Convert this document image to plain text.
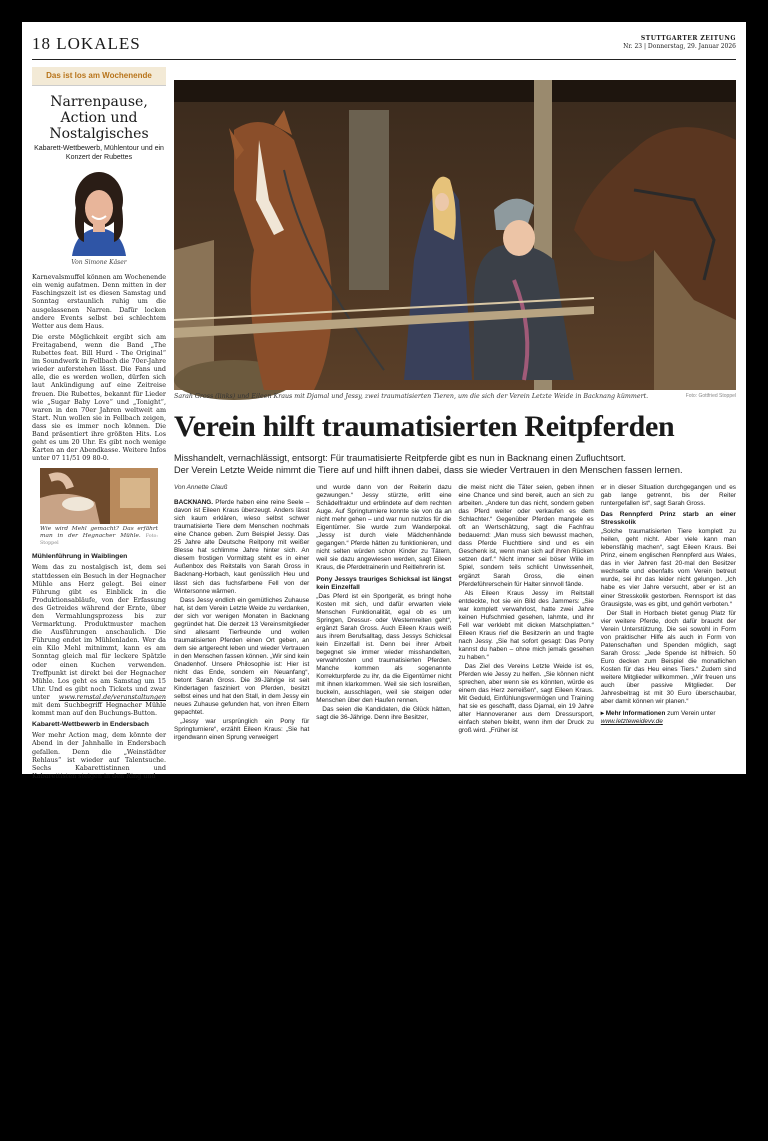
18 LOKALES	STUTTGARTER ZEITUNG
Nr. 23 | Donnerstag, 29. Januar 2026
Das ist los am Wochenende
Narrenpause, Action und Nostalgisches
Kabarett-Wettbewerb, Mühlentour und ein Konzert der Rubettes
Von Simone Käser

Karnevalsmuffel können am Wochenende ein wenig aufatmen. Denn mitten in der Faschingszeit ist es diesen Samstag und Sonntag erstaunlich ruhig um die ausgelassenen Narren. Dafür locken andere Events selbst bei schlechtem Wetter aus dem Haus.

Die erste Möglichkeit ergibt sich am Freitagabend, wenn die Band „The Rubettes feat. Bill Hurd - The Original“ im Soundwerk in Fellbach die 70er-Jahre wieder auferstehen lässt. Die Fans und alle, die es werden wollen, dürfen sich laut Ankündigung auf eine Zeitreise freuen. Die Rubettes, bekannt für Lieder wie „Sugar Baby Love“ und „Tonight“, waren in den 70er Jahren weltweit am Start. Nun wollen sie in Fellbach zeigen, dass sie es immer noch können. Die Band präsentiert ihre größten Hits. Los geht es um 20 Uhr. Es gibt noch wenige Karten an der Abendkasse. Weitere Infos unter 07 11/51 09 80-0.

Wie wird Mehl gemacht? Das erfährt man in der Hegnacher Mühle. Foto: Stoppel
Mühlenführung in Waiblingen

Wem das zu nostalgisch ist, dem sei stattdessen ein Besuch in der Hegnacher Mühle ans Herz gelegt. Bei einer Führung gibt es Einblick in die Produktionsabläufe, von der Erfassung des Getreides während der Ernte, über den Vermahlungsprozess bis zur Vermarktung. Produktmuster machen die Ausführungen anschaulich. Die Führung endet im Mühlenladen. Wer da ein Kilo Mehl mitnimmt, kann es am Sonntag gleich mal für leckere Spätzle oder einen Kuchen verwenden. Treffpunkt ist direkt bei der Hegnacher Mühle. Los geht es am Samstag um 15 Uhr. Und es gibt noch Tickets und zwar unter www.remstal.de/veranstaltungen mit dem Suchbegriff Hegnacher Mühle kommt man auf den Buchungs-Button.

Kabarett-Wettbewerb in Endersbach

Wer mehr Action mag, dem könnte der Abend in der Jahnhalle in Endersbach gefallen. Denn die „Weinstädter Rehlaus“ ist wieder auf Talentsuche. Sechs Kabarettistinnen und Kabarettisten steigen in den Ring und

Sarah Gross (links) und Eileen Kraus mit Djamal und Jessy, zwei traumatisierten Tieren, um die sich der Verein Letzte Weide in Backnang kümmert.	Foto: Gottfried Stoppel
Verein hilft traumatisierten Reitpferden
Misshandelt, vernachlässigt, entsorgt: Für traumatisierte Reitpferde gibt es nun in Backnang einen Zufluchtsort.
Der Verein Letzte Weide nimmt die Tiere auf und hilft ihnen dabei, dass sie wieder Vertrauen in den Menschen fassen lernen.

Von Annette Clauß

BACKNANG. Pferde haben eine reine Seele – davon ist Eileen Kraus überzeugt. Anders lässt sich kaum erklären, wieso selbst schwer traumatisierte Tiere dem Menschen nochmals eine Chance geben. Zum Beispiel Jessy. Das 25 Jahre alte Deutsche Reitpony mit weißer Blesse hat schlimme Jahre hinter sich. An diesem frostigen Vormittag steht es in einer Außenbox des Reitstalls von Sarah Gross in Backnang-Horbach, kaut genüsslich Heu und lässt sich das fuchsfarbene Fell von der Wintersonne wärmen.

Dass Jessy endlich ein gemütliches Zuhause hat, ist dem Verein Letzte Weide zu verdanken, der sich vor wenigen Monaten in Backnang gegründet hat. Die derzeit 13 Vereinsmitglieder sind allesamt Tierfreunde und wollen traumatisierten Pferden einen Ort geben, an dem sie artgerecht leben und wieder Vertrauen in den Menschen fassen können. „Wir sind kein Gnadenhof. Unsere Philosophie ist: Hier ist nicht das Ende, sondern ein Neuanfang“, betont Sarah Gross. Die 39-Jährige ist seit Kindertagen fasziniert von Pferden, besitzt selbst eines und hat den Stall, in dem Jessy ein neues Zuhause gefunden hat, von ihren Eltern gepachtet.

„Jessy war ursprünglich ein Pony für Springturniere“, erzählt Eileen Kraus: „Sie hat irgendwann einen Sprung verweigert

und wurde dann von der Reiterin dazu gezwungen.“ Jessy stürzte, erlitt eine Schädelfraktur und erblindete auf dem rechten Auge. Auf Springturniere konnte sie von da an nicht mehr gehen – und war nun nutzlos für die Eigentümer. Sie wurde zum Wanderpokal. „Jessy ist durch viele Mädchenhände gegangen.“ Pferde hätten zu funktionieren, und nicht selten würden schon Kinder zu Tätern, weil sie dazu angewiesen werden, sagt Eileen Kraus, die Pferdetrainerin und Reitlehrerin ist.

Pony Jessys trauriges Schicksal ist längst kein Einzelfall

„Das Pferd ist ein Sportgerät, es bringt hohe Kosten mit sich, und dafür erwarten viele Menschen Funktionalität, egal ob es um Springen, Dressur- oder Westernreiten geht“, ergänzt Sarah Gross. Auch Eileen Kraus weiß aus ihrem Berufsalltag, dass Jessys Schicksal kein Einzelfall ist. Denn bei ihrer Arbeit begegnet sie immer wieder misshandelten, verwahrlosten und traumatisierten Pferden. Manche kommen als sogenannte Korrekturpferde zu ihr, da die Eigentümer nicht mit ihnen klarkommen. Weil sie sich losreißen, buckeln, ausschlagen, weil sie steigen oder Menschen über den Haufen rennen.

Das seien die Kandidaten, die Glück hätten, sagt die 36-Jährige. Denn ihre Besitzer,

die meist nicht die Täter seien, geben ihnen eine Chance und sind bereit, auch an sich zu arbeiten. „Andere tun das nicht, sondern geben das Pferd weiter oder verkaufen es dem Schlachter.“ Gegenüber Pferden mangele es oft an Wertschätzung, sagt die Fachfrau bedauernd: „Man muss sich bewusst machen, dass Pferde Fluchttiere sind und es ein Geschenk ist, wenn man sich auf ihren Rücken setzen darf.“ Nicht immer sei böser Wille im Spiel, sondern teils schlicht Unwissenheit, ergänzt Sarah Gross, die einen Pferdeführerschein für Halter sinnvoll fände.

Als Eileen Kraus Jessy im Reitstall entdeckte, hot sie ein Bild des Jammers: „Sie war komplett verwahrlost, hatte zwei Jahre keinen Hufschmied gesehen, lahmte, und ihr Fell war verklebt mit dicken Matschplatten.“ Eileen Kraus rief die Besitzerin an und fragte nach Jessy. „Sie hat sofort gesagt: Das Pony kannst du haben – ohne mich jemals gesehen zu haben.“

Das Ziel des Vereins Letzte Weide ist es, Pferden wie Jessy zu helfen. „Sie können nicht sprechen, aber wenn sie es könnten, würde es einem das Herz zerreißen“, sagt Eileen Kraus. Mit Geduld, Einfühlungsvermögen und Training hat sie es geschafft, dass Djamal, ein 19 Jahre alter Hannoveraner aus dem Dressursport, einfach stehen bleibt, wenn ihm der Druck zu groß wird. „Früher ist

er in dieser Situation durchgegangen und es gab lange getrennt, bis der Reiter runtergefallen ist“, sagt Sarah Gross.

Das Rennpferd Prinz starb an einer Stresskolik

„Solche traumatisierten Tiere komplett zu heilen, geht nicht. Aber viele kann man lebensfähig machen“, sagt Eileen Kraus. Bei Prinz, einem englischen Rennpferd aus Wales, das in vier Jahren fast 20-mal den Besitzer wechselte und ebenfalls vom Verein betreut wurde, sei ihr das leider nicht gelungen. „Ich habe es vier Jahre versucht, aber er ist an einer Stresskolik gestorben. Rennsport ist das Grausigste, was es gibt, und gehört verboten.“

Der Stall in Horbach bietet genug Platz für vier weitere Pferde, doch dafür braucht der Verein Unterstützung. Die sei sowohl in Form von praktischer Hilfe als auch in Form von Patenschaften und Spenden möglich, sagt Sarah Gross: „Jede Spende ist hilfreich. 50 Euro decken zum Beispiel die monatlichen Kosten für das Heu eines Tiers.“ Zudem sind weitere Mitglieder willkommen. „Wir freuen uns auch über passive Mitglieder. Der Jahresbeitrag ist mit 30 Euro überschaubar, aber damit können wir planen.“

▸ Mehr Informationen zum Verein unter
www.letzteweidevv.de
